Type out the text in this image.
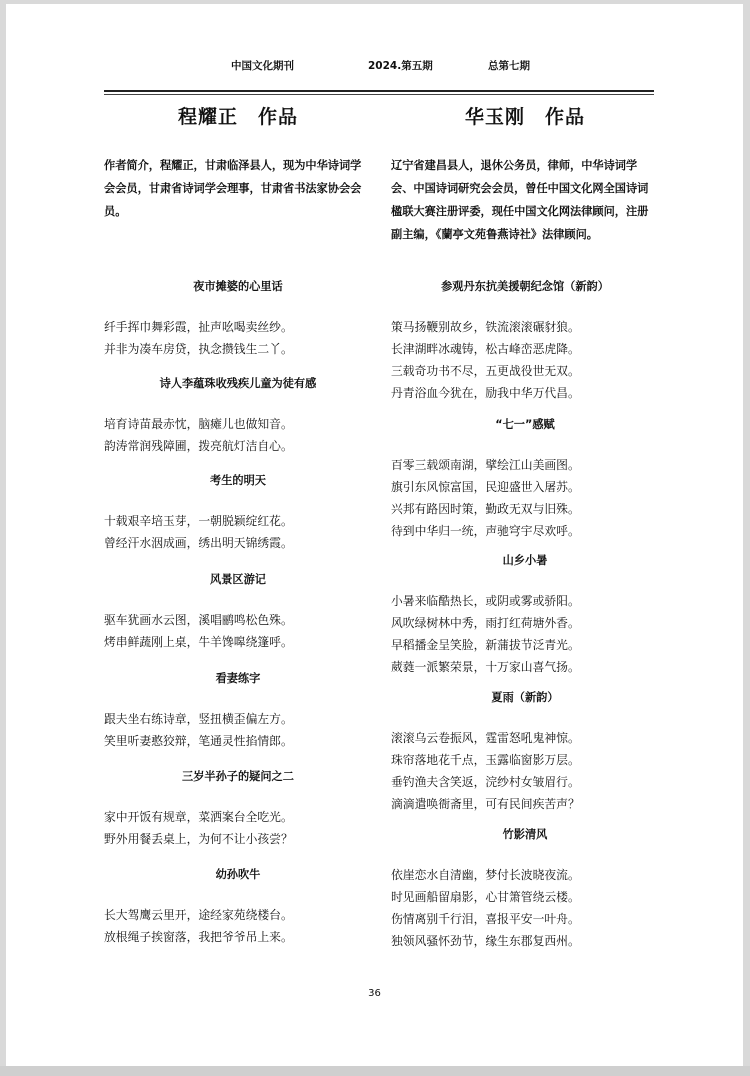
中国文化期刊	2024.第五期	总第七期
程耀正　作品
作者简介，程耀正，甘肃临泽县人，现为中华诗词学会会员，甘肃省诗词学会理事，甘肃省书法家协会会员。
夜市摊婆的心里话
纤手挥巾舞彩霞，扯声吆喝卖丝纱。
并非为凑车房贷，执念攒钱生二丫。
诗人李蕴珠收残疾儿童为徒有感
培育诗苗最赤忱，脑瘫儿也做知音。
韵涛常润残障圃，拨亮航灯洁自心。
考生的明天
十载艰辛培玉芽，一朝脱颖绽红花。
曾经汗水洇成画，绣出明天锦绣霞。
风景区游记
驱车犹画水云图，溪唱鹂鸣松色殊。
烤串鲜蔬刚上桌，牛羊馋嗥绕篷呼。
看妻练字
跟夫坐右练诗章，竖扭横歪偏左方。
笑里听妻憨狡辩，笔通灵性掐情郎。
三岁半孙子的疑问之二
家中开饭有规章，菜洒案台全吃光。
野外用餐丢桌上，为何不让小孩尝？
幼孙吹牛
长大驾鹰云里开，途经家苑绕楼台。
放根绳子挨窗落，我把爷爷吊上来。
华玉刚　作品
辽宁省建昌县人，退休公务员，律师，中华诗词学会、中国诗词研究会会员，曾任中国文化网全国诗词楹联大赛注册评委，现任中国文化网法律顾问，注册副主编，《蘭亭文苑鲁燕诗社》法律顾问。
参观丹东抗美援朝纪念馆（新韵）
策马扬鞭别故乡，铁流滚滚碾豺狼。
长津湖畔冰魂铸，松古峰峦恶虎降。
三载奇功书不尽，五更战役世无双。
丹青浴血今犹在，励我中华万代昌。
“七一”感赋
百零三载颂南湖，擘绘江山美画图。
旗引东风惊富国，民迎盛世入屠苏。
兴邦有路因时策，勤政无双与旧殊。
待到中华归一统，声驰穹宇尽欢呼。
山乡小暑
小暑来临酷热长，或阴或雾或骄阳。
风吹绿树林中秀，雨打红荷塘外香。
早稻播金呈笑脸，新蒲拔节泛青光。
葳蕤一派繁荣景，十万家山喜气扬。
夏雨（新韵）
滚滚乌云卷振风，霆雷怒吼鬼神惊。
珠帘落地花千点，玉露临窗影万层。
垂钓渔夫含笑返，浣纱村女皱眉行。
滴滴遣唤衙斋里，可有民间疾苦声？
竹影清风
依崖恋水自清幽，梦付长波晓夜流。
时见画船留扇影，心甘箫管绕云楼。
伤情离别千行泪，喜报平安一叶舟。
独领风骚怀劲节，缘生东郡复西州。
36
